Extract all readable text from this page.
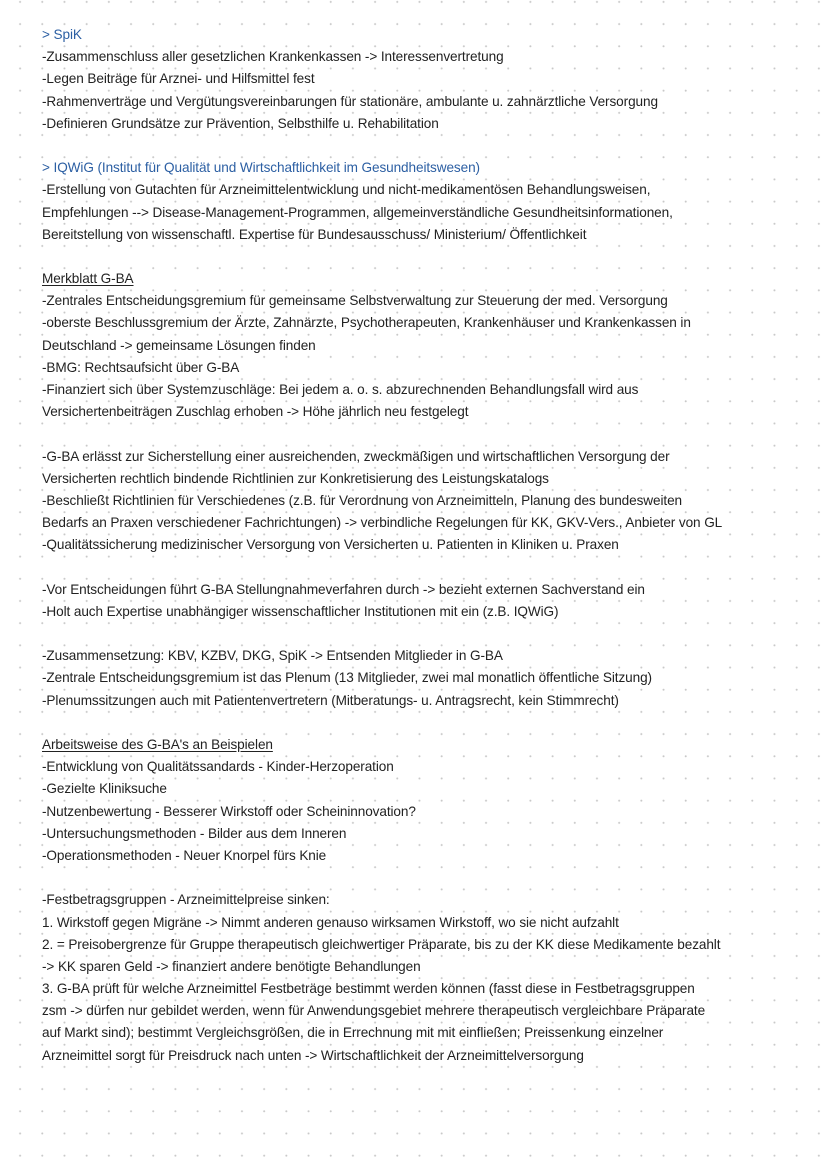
> SpiK
-Zusammenschluss aller gesetzlichen Krankenkassen -> Interessenvertretung
-Legen Beiträge für Arznei- und Hilfsmittel fest
-Rahmenverträge und Vergütungsvereinbarungen für stationäre, ambulante u. zahnärztliche Versorgung
-Definieren Grundsätze zur Prävention, Selbsthilfe u. Rehabilitation
> IQWiG (Institut für Qualität und Wirtschaftlichkeit im Gesundheitswesen)
-Erstellung von Gutachten für Arzneimittelentwicklung und nicht-medikamentösen Behandlungsweisen,
Empfehlungen --> Disease-Management-Programmen, allgemeinverständliche Gesundheitsinformationen,
Bereitstellung von wissenschaftl. Expertise für Bundesausschuss/ Ministerium/ Öffentlichkeit
Merkblatt G-BA
-Zentrales Entscheidungsgremium für gemeinsame Selbstverwaltung zur Steuerung der med. Versorgung
-oberste Beschlussgremium der Ärzte, Zahnärzte, Psychotherapeuten, Krankenhäuser und Krankenkassen in
Deutschland -> gemeinsame Lösungen finden
-BMG: Rechtsaufsicht über G-BA
-Finanziert sich über Systemzuschläge: Bei jedem a. o. s. abzurechnenden Behandlungsfall wird aus
Versichertenbeiträgen Zuschlag erhoben -> Höhe jährlich neu festgelegt
-G-BA erlässt zur Sicherstellung einer ausreichenden, zweckmäßigen und wirtschaftlichen Versorgung der
Versicherten rechtlich bindende Richtlinien zur Konkretisierung des Leistungskatalogs
-Beschließt Richtlinien für Verschiedenes (z.B. für Verordnung von Arzneimitteln, Planung des bundesweiten
Bedarfs an Praxen verschiedener Fachrichtungen) -> verbindliche Regelungen für KK, GKV-Vers., Anbieter von GL
-Qualitätssicherung medizinischer Versorgung von Versicherten u. Patienten in Kliniken u. Praxen
-Vor Entscheidungen führt G-BA Stellungnahmeverfahren durch -> bezieht externen Sachverstand ein
-Holt auch Expertise unabhängiger wissenschaftlicher Institutionen mit ein (z.B. IQWiG)
-Zusammensetzung: KBV, KZBV, DKG, SpiK -> Entsenden Mitglieder in G-BA
-Zentrale Entscheidungsgremium ist das Plenum (13 Mitglieder, zwei mal monatlich öffentliche Sitzung)
-Plenumssitzungen auch mit Patientenvertretern (Mitberatungs- u. Antragsrecht, kein Stimmrecht)
Arbeitsweise des G-BA's an Beispielen
-Entwicklung von Qualitätssandards - Kinder-Herzoperation
-Gezielte Kliniksuche
-Nutzenbewertung - Besserer Wirkstoff oder Scheininnovation?
-Untersuchungsmethoden - Bilder aus dem Inneren
-Operationsmethoden - Neuer Knorpel fürs Knie
-Festbetragsgruppen - Arzneimittelpreise sinken:
1. Wirkstoff gegen Migräne -> Nimmt anderen genauso wirksamen Wirkstoff, wo sie nicht aufzahlt
2. = Preisobergrenze für Gruppe therapeutisch gleichwertiger Präparate, bis zu der KK diese Medikamente bezahlt
-> KK sparen Geld -> finanziert andere benötigte Behandlungen
3. G-BA prüft für welche Arzneimittel Festbeträge bestimmt werden können (fasst diese in Festbetragsgruppen
zsm -> dürfen nur gebildet werden, wenn für Anwendungsgebiet mehrere therapeutisch vergleichbare Präparate
auf Markt sind); bestimmt Vergleichsgrößen, die in Errechnung mit mit einfließen; Preissenkung einzelner
Arzneimittel sorgt für Preisdruck nach unten -> Wirtschaftlichkeit der Arzneimittelversorgung
